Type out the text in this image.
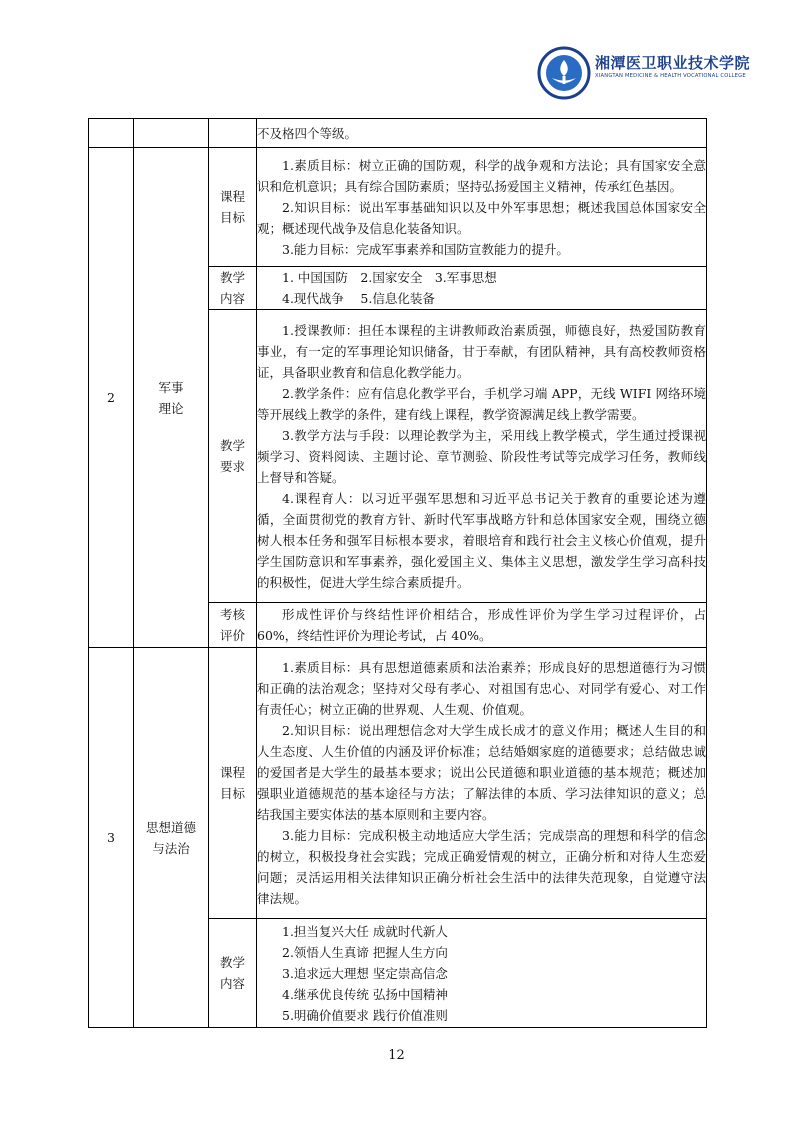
湘潭医卫职业技术学院
XIANGTAN MEDICINE & HEALTH VOCATIONAL COLLEGE

			不及格四个等级。

2	军事理论	课程目标	1.素质目标：树立正确的国防观，科学的战争观和方法论；具有国家安全意识和危机意识；具有综合国防素质；坚持弘扬爱国主义精神，传承红色基因。
2.知识目标：说出军事基础知识以及中外军事思想；概述我国总体国家安全观；概述现代战争及信息化装备知识。
3.能力目标：完成军事素养和国防宣教能力的提升。

		教学内容	1. 中国国防　2.国家安全　3.军事思想
4.现代战争　 5.信息化装备

		教学要求	1.授课教师：担任本课程的主讲教师政治素质强，师德良好，热爱国防教育事业，有一定的军事理论知识储备，甘于奉献，有团队精神，具有高校教师资格证，具备职业教育和信息化教学能力。
2.教学条件：应有信息化教学平台，手机学习端 APP，无线 WIFI 网络环境等开展线上教学的条件，建有线上课程，教学资源满足线上教学需要。
3.教学方法与手段：以理论教学为主，采用线上教学模式，学生通过授课视频学习、资料阅读、主题讨论、章节测验、阶段性考试等完成学习任务，教师线上督导和答疑。
4.课程育人：以习近平强军思想和习近平总书记关于教育的重要论述为遵循，全面贯彻党的教育方针、新时代军事战略方针和总体国家安全观，围绕立德树人根本任务和强军目标根本要求，着眼培育和践行社会主义核心价值观，提升学生国防意识和军事素养，强化爱国主义、集体主义思想，激发学生学习高科技的积极性，促进大学生综合素质提升。

		考核评价	形成性评价与终结性评价相结合，形成性评价为学生学习过程评价，占 60%，终结性评价为理论考试，占 40%。

3	思想道德与法治	课程目标	1.素质目标：具有思想道德素质和法治素养；形成良好的思想道德行为习惯和正确的法治观念；坚持对父母有孝心、对祖国有忠心、对同学有爱心、对工作有责任心；树立正确的世界观、人生观、价值观。
2.知识目标：说出理想信念对大学生成长成才的意义作用；概述人生目的和人生态度、人生价值的内涵及评价标准；总结婚姻家庭的道德要求；总结做忠诚的爱国者是大学生的最基本要求；说出公民道德和职业道德的基本规范；概述加强职业道德规范的基本途径与方法；了解法律的本质、学习法律知识的意义；总结我国主要实体法的基本原则和主要内容。
3.能力目标：完成积极主动地适应大学生活；完成崇高的理想和科学的信念的树立，积极投身社会实践；完成正确爱情观的树立，正确分析和对待人生恋爱问题；灵活运用相关法律知识正确分析社会生活中的法律失范现象，自觉遵守法律法规。

		教学内容	1.担当复兴大任 成就时代新人
2.领悟人生真谛 把握人生方向
3.追求远大理想 坚定崇高信念
4.继承优良传统 弘扬中国精神
5.明确价值要求 践行价值准则
12
